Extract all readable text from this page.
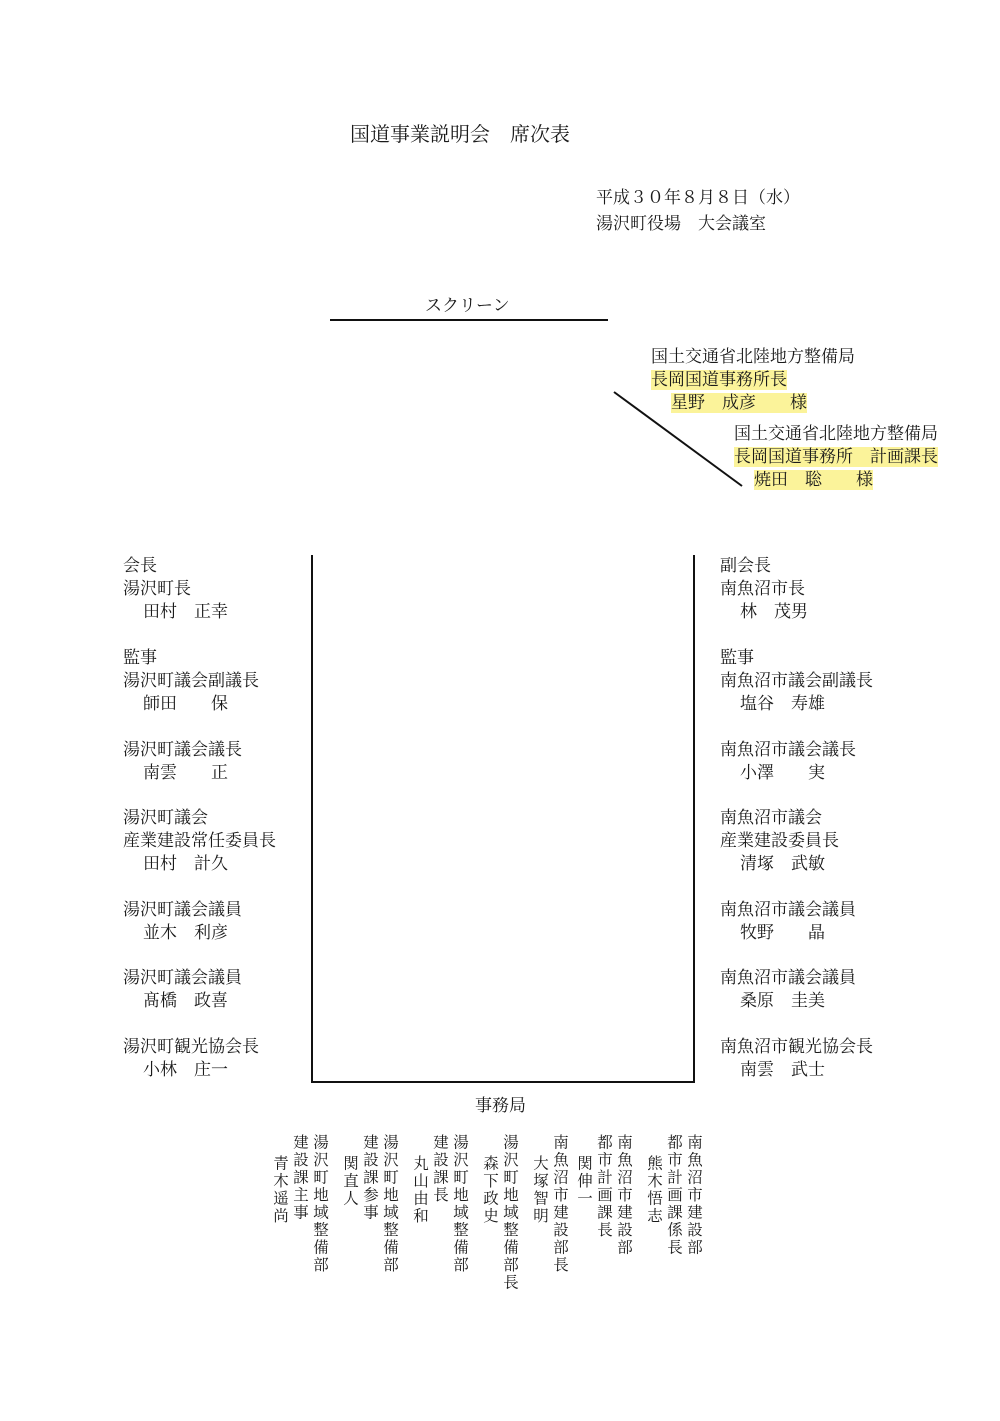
国道事業説明会　席次表
平成３０年８月８日（水）
湯沢町役場　大会議室
スクリーン
国土交通省北陸地方整備局
長岡国道事務所長
星野　成彦　　様
国土交通省北陸地方整備局
長岡国道事務所　計画課長
焼田　聡　　様
会長
湯沢町長
田村　正幸
監事
湯沢町議会副議長
師田　　保
湯沢町議会議長
南雲　　正
湯沢町議会
産業建設常任委員長
田村　計久
湯沢町議会議員
並木　利彦
湯沢町議会議員
髙橋　政喜
湯沢町観光協会長
小林　庄一
副会長
南魚沼市長
林　茂男
監事
南魚沼市議会副議長
塩谷　寿雄
南魚沼市議会議長
小澤　　実
南魚沼市議会
産業建設委員長
清塚　武敏
南魚沼市議会議員
牧野　　晶
南魚沼市議会議員
桑原　圭美
南魚沼市観光協会長
南雲　武士
事務局
南魚沼市建設部
都市計画課係長
熊木悟志
南魚沼市建設部
都市計画課長
関伸一
南魚沼市建設部長
大塚智明
湯沢町地域整備部長
森下政史
湯沢町地域整備部
建設課長
丸山由和
湯沢町地域整備部
建設課参事
関直人
湯沢町地域整備部
建設課主事
青木遥尚
